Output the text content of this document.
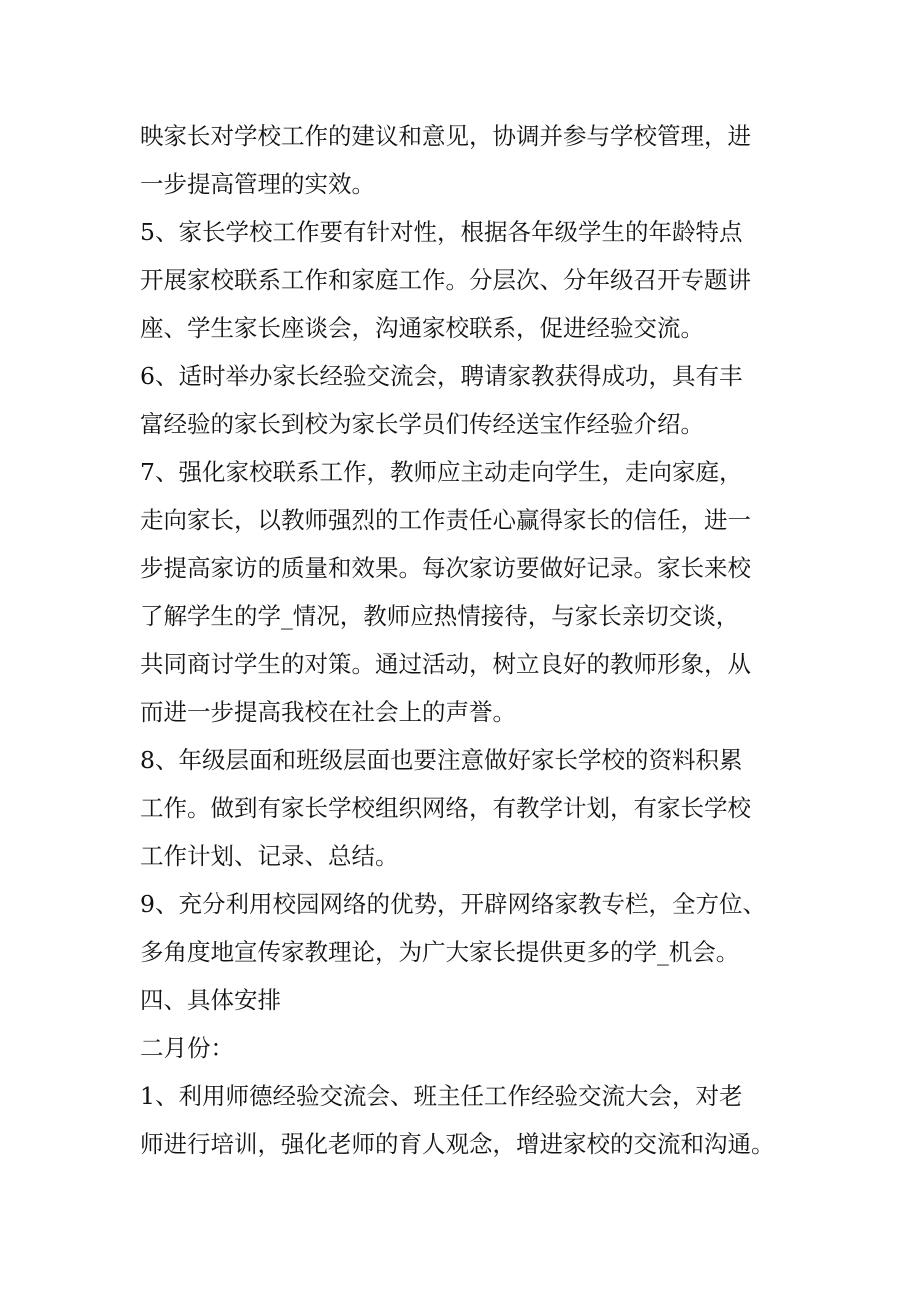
映家长对学校工作的建议和意见，协调并参与学校管理，进
一步提高管理的实效。
5、家长学校工作要有针对性，根据各年级学生的年龄特点
开展家校联系工作和家庭工作。分层次、分年级召开专题讲
座、学生家长座谈会，沟通家校联系，促进经验交流。
6、适时举办家长经验交流会，聘请家教获得成功，具有丰
富经验的家长到校为家长学员们传经送宝作经验介绍。
7、强化家校联系工作，教师应主动走向学生，走向家庭，
走向家长，以教师强烈的工作责任心赢得家长的信任，进一
步提高家访的质量和效果。每次家访要做好记录。家长来校
了解学生的学_情况，教师应热情接待，与家长亲切交谈，
共同商讨学生的对策。通过活动，树立良好的教师形象，从
而进一步提高我校在社会上的声誉。
8、年级层面和班级层面也要注意做好家长学校的资料积累
工作。做到有家长学校组织网络，有教学计划，有家长学校
工作计划、记录、总结。
9、充分利用校园网络的优势，开辟网络家教专栏，全方位、
多角度地宣传家教理论，为广大家长提供更多的学_机会。
四、具体安排
二月份：
1、利用师德经验交流会、班主任工作经验交流大会，对老
师进行培训，强化老师的育人观念，增进家校的交流和沟通。
